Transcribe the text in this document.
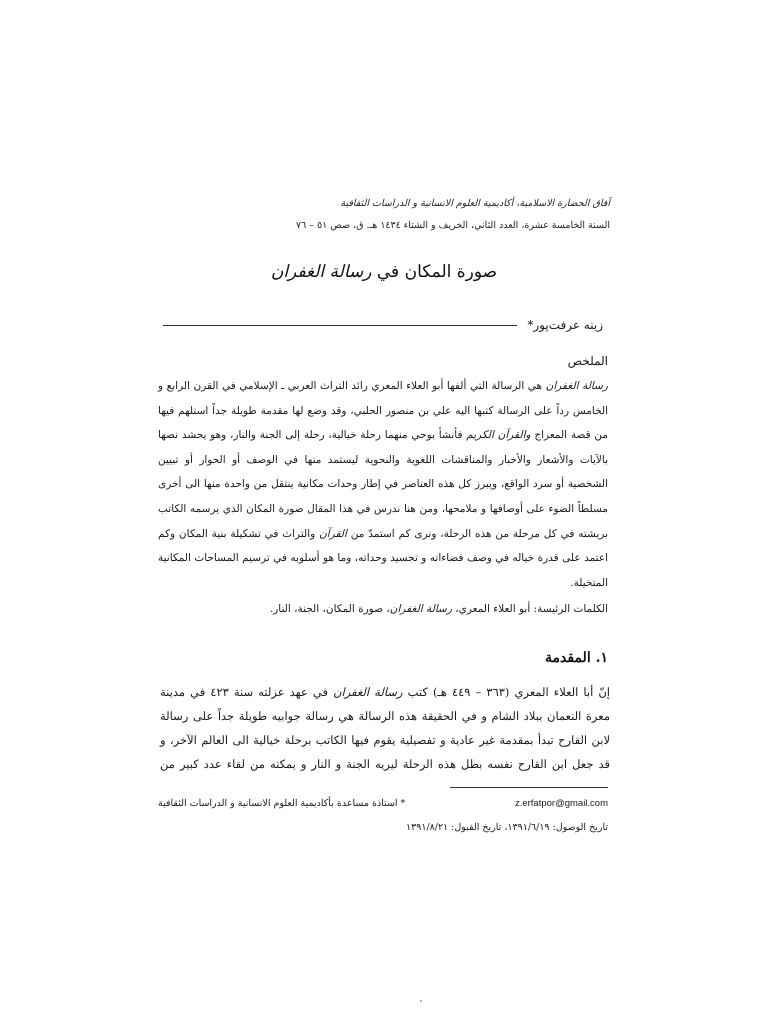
آفاق الحضارة الاسلامية، أكاديمية العلوم الانسانية و الدراسات الثقافية
السنة الخامسة عشرة، العدد الثاني، الخريف و الشتاء ١٤٣٤ هـ. ق، صص ٥١ – ٧٦
صورة المكان في رسالة الغفران
زينه عرفت‌پور*
الملخص
رسالة الغفران هي الرسالة التي ألفها أبو العلاء المعري رائد التراث العربي ـ الإسلامي في القرن الرابع و الخامس رداً على الرسالة كتبها اليه علي بن منصور الحلبي، وقد وضع لها مقدمة طويلة جداً استلهم فيها من قصة المعراج والقرآن الكريم فأنشأ بوحي منهما رحلة خيالية، رحلة إلى الجنة والنار، وهو يحشد نصها بالآيات والأشعار والأخبار والمناقشات اللغوية والنحوية ليستمد منها في الوصف أو الحوار أو تبيين الشخصية أو سرد الواقع، ويبرز كل هذه العناصر في إطار وحدات مكانية ينتقل من واحدة منها الى أخرى مسلطاً الضوء على أوصافها و ملامحها، ومن هنا ندرس في هذا المقال صورة المكان الذي يرسمه الكاتب بريشته في كل مرحلة من هذه الرحلة، ونرى كم استمدّ من القرآن والتراث في تشكيلة بنية المكان وكم اعتمد على قدرة خياله في وصف فضاءاته و تجسيد وحداته، وما هو أسلوبه في ترسيم المساحات المكانية المتخيلة.
الكلمات الرئيسة: أبو العلاء المعري، رسالة الغفران، صورة المكان، الجنة، النار.
١. المقدمة
إنّ أبا العلاء المعري (٣٦٣ – ٤٤٩ هـ) كتب رسالة الغفران في عهد عزلته سنة ٤٢٣ في مدينة معرة النعمان ببلاد الشام و في الحقيقة هذه الرسالة هي رسالة جوابيه طويلة جداً على رسالة لابن القارح تبدأ بمقدمة غير عادية و تفصيلية يقوم فيها الكاتب برحلة خيالية الى العالم الآخر، و قد جعل ابن القارح نفسه بطل هذه الرحلة ليريه الجنة و النار و يمكنه من لقاء عدد كبير من
* استاذة مساعدة بأكاديمية العلوم الانسانية و الدراسات الثقافية	z.erfatpor@gmail.com
تاريخ الوصول: ١٣٩١/٦/١٩، تاريخ القبول: ١٣٩١/٨/٢١
